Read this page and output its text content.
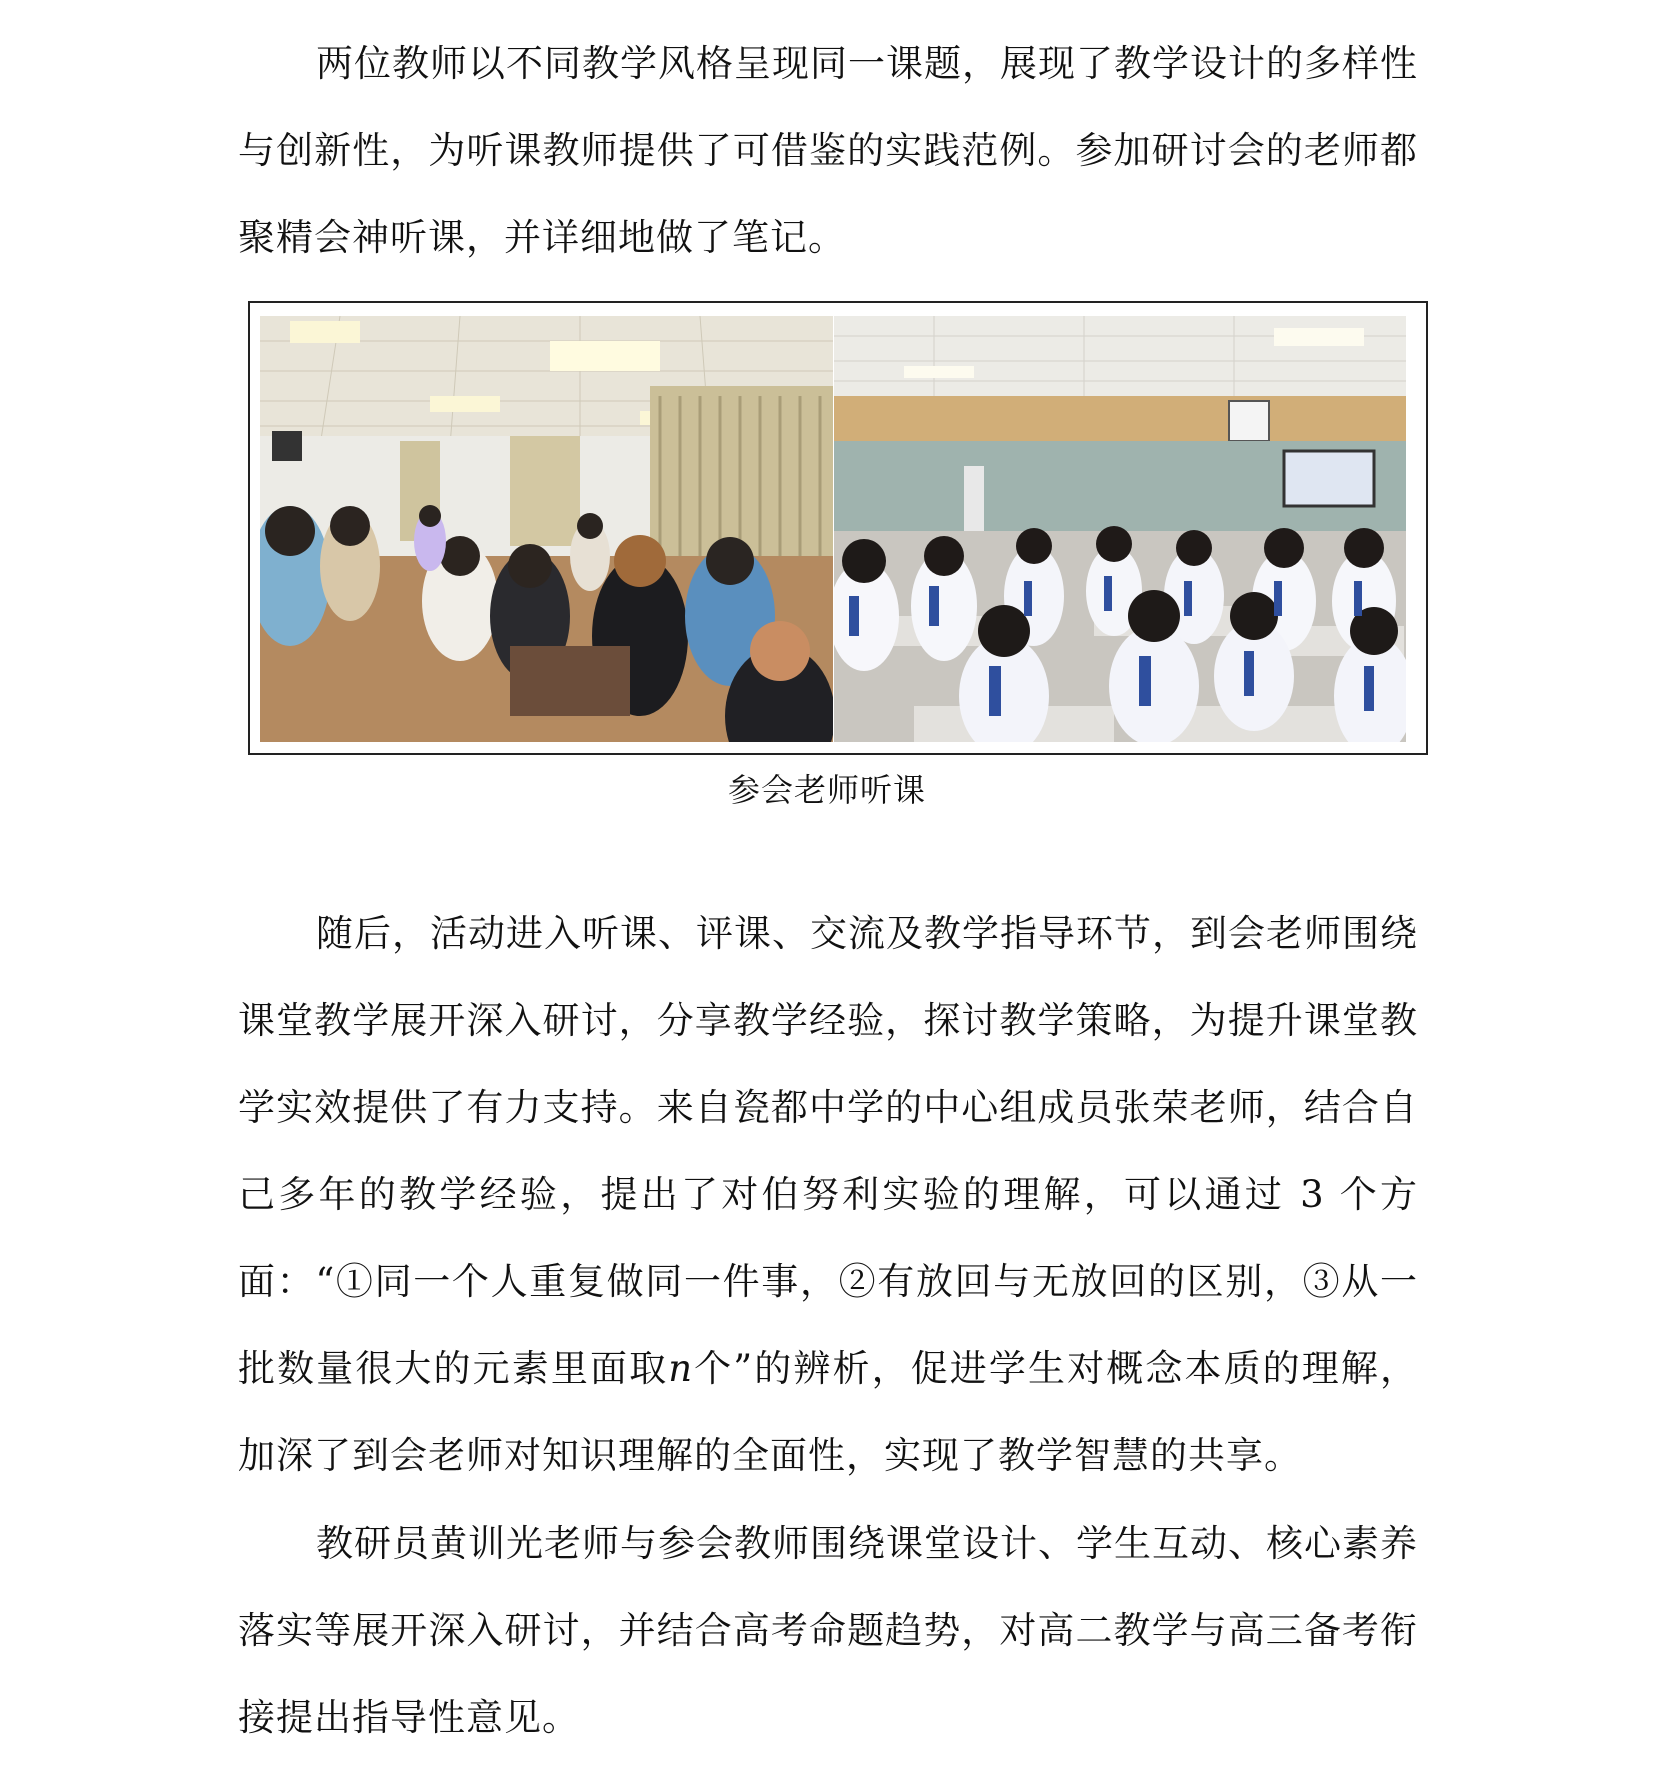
两位教师以不同教学风格呈现同一课题，展现了教学设计的多样性与创新性，为听课教师提供了可借鉴的实践范例。参加研讨会的老师都聚精会神听课，并详细地做了笔记。

参会老师听课

随后，活动进入听课、评课、交流及教学指导环节，到会老师围绕课堂教学展开深入研讨，分享教学经验，探讨教学策略，为提升课堂教学实效提供了有力支持。来自瓷都中学的中心组成员张荣老师，结合自己多年的教学经验，提出了对伯努利实验的理解，可以通过 3 个方面：“①同一个人重复做同一件事，②有放回与无放回的区别，③从一批数量很大的元素里面取n个”的辨析，促进学生对概念本质的理解，加深了到会老师对知识理解的全面性，实现了教学智慧的共享。

教研员黄训光老师与参会教师围绕课堂设计、学生互动、核心素养落实等展开深入研讨，并结合高考命题趋势，对高二教学与高三备考衔接提出指导性意见。
